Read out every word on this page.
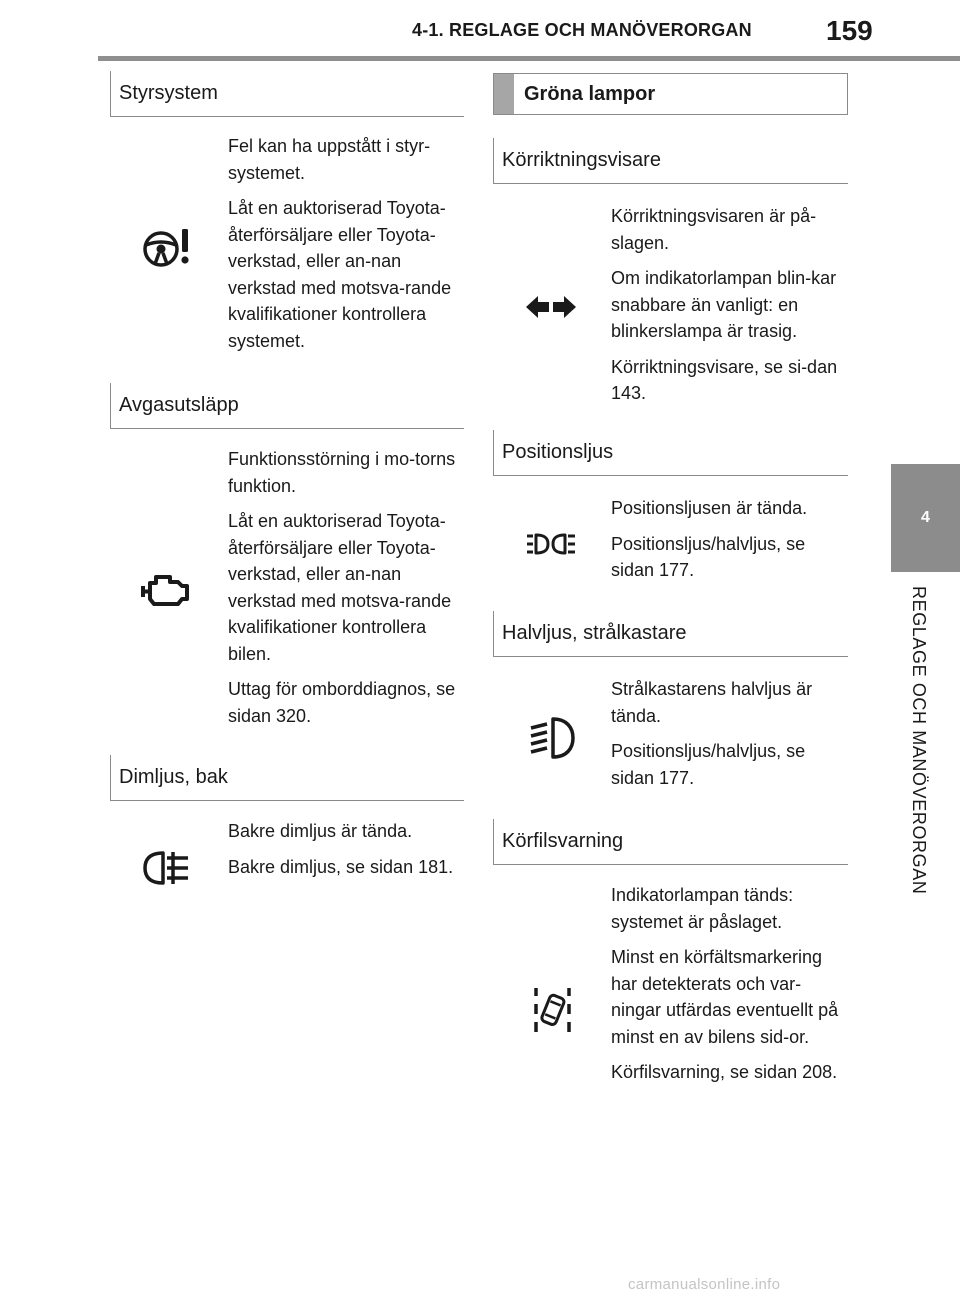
4-1. REGLAGE OCH MANÖVERORGAN	159
4
REGLAGE OCH MANÖVERORGAN
Styrsystem

Fel kan ha uppstått i styr-systemet.

Låt en auktoriserad Toyota-återförsäljare eller Toyota-verkstad, eller an-nan verkstad med motsva-rande kvalifikationer kontrollera systemet.

Avgasutsläpp

Funktionsstörning i mo-torns funktion.

Låt en auktoriserad Toyota-återförsäljare eller Toyota-verkstad, eller an-nan verkstad med motsva-rande kvalifikationer kontrollera bilen.

Uttag för omborddiagnos, se sidan 320.

Dimljus, bak

Bakre dimljus är tända.

Bakre dimljus, se sidan 181.

Gröna lampor
Körriktningsvisare

Körriktningsvisaren är på-slagen.

Om indikatorlampan blin-kar snabbare än vanligt: en blinkerslampa är trasig.

Körriktningsvisare, se si-dan 143.

Positionsljus

Positionsljusen är tända.

Positionsljus/halvljus, se sidan 177.

Halvljus, strålkastare

Strålkastarens halvljus är tända.

Positionsljus/halvljus, se sidan 177.

Körfilsvarning

Indikatorlampan tänds: systemet är påslaget.

Minst en körfältsmarkering har detekterats och var-ningar utfärdas eventuellt på minst en av bilens sid-or.

Körfilsvarning, se sidan 208.

carmanualsonline.info
